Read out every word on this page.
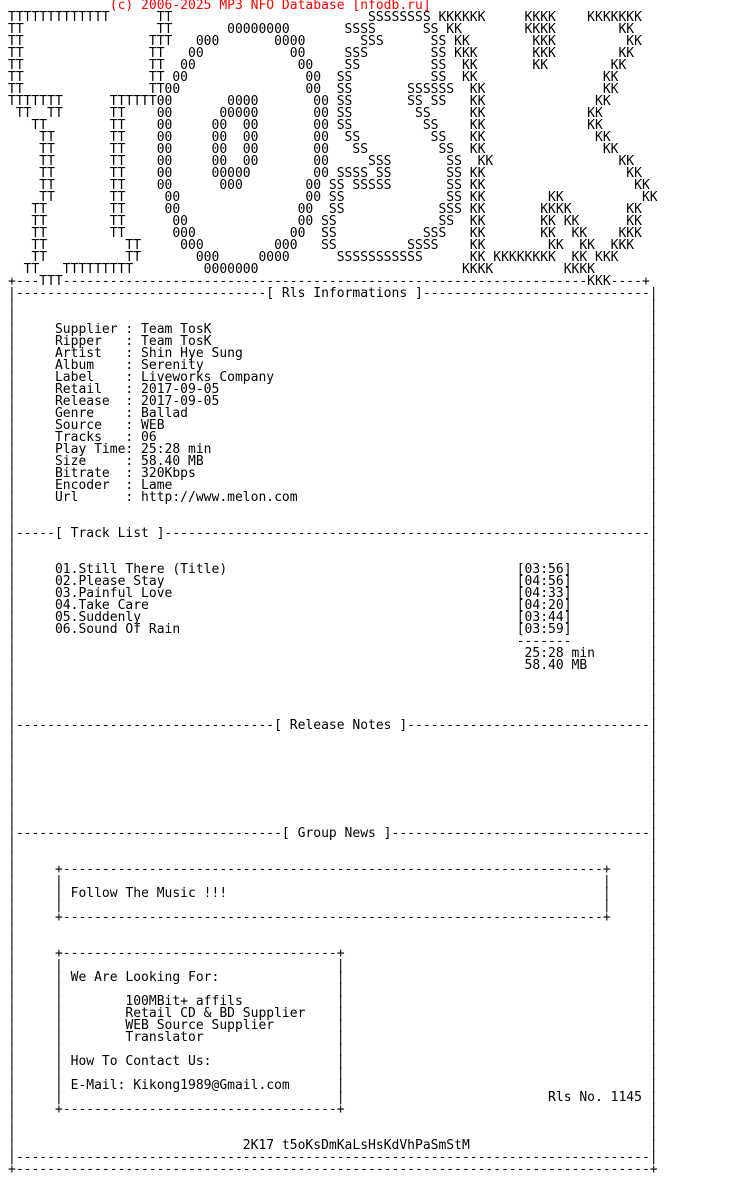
(c) 2006-2025 MP3 NFO Database [nfodb.ru]
TTTTTTTTTTTTT      TT                         SSSSSSSS KKKKKK     KKKK    KKKKKKK
TT                 TT       00000000       SSSS      SS KK        KKKK        KK
TT                TTT   000       0000       SSS      SS KK        KKK         KK
TT                TT   00           00     SSS        SS KKK       KKK        KK
TT                TT  00             00    SS         SS  KK       KK        KK
TT                TT 00               00  SS          SS  KK                KK
TT                TT00                00  SS       SSSSSS  KK               KK
TTTTTTT      TTTTTT00       0000       00 SS       SS SS   KK              KK
TT  TT      TT    00      00000       00 SS        SS     KK             KK
TT        TT    00     00  00       00 SS         SS    KK             KK
TT       TT    00     00  00       00  SS         SS   KK              KK
TT       TT    00     00  00       00   SS         SS  KK               KK
TT       TT    00     00  00       00     SSS       SS  KK                KK
TT       TT    00     00000        00 SSSS SS       SS KK                  KK
TT       TT    00      000        00 SS SSSSS       SS KK                   KK
TT       TT     00                00 SS             SS KK        KK          KK
TT        TT     00               00  SS            SSS KK       KKKK       KK
TT        TT      00              00 SS             SS  KK       KK KK      KK
TT        TT      000            00  SS           SSS   KK       KK  KK    KKK
TT          TT     000         000   SS         SSSS    KK        KK  KK  KKK
TT          TT       000     0000      SSSSSSSSSSS      KK KKKKKKKK  KK KKK
TT   TTTTTTTTT         0000000                          KKKK         KKKK
+---TTT-------------------------------------------------------------------KKK----+
|--------------------------------[ Rls Informations ]-----------------------------|
|                                                                                 |
|                                                                                 |
|     Supplier : Team TosK                                                        |
|     Ripper   : Team TosK                                                        |
|     Artist   : Shin Hye Sung                                                    |
|     Album    : Serenity                                                         |
|     Label    : Liveworks Company                                                |
|     Retail   : 2017-09-05                                                       |
|     Release  : 2017-09-05                                                       |
|     Genre    : Ballad                                                           |
|     Source   : WEB                                                              |
|     Tracks   : 06                                                               |
|     Play Time: 25:28 min                                                        |
|     Size     : 58.40 MB                                                         |
|     Bitrate  : 320Kbps                                                          |
|     Encoder  : Lame                                                             |
|     Url      : http://www.melon.com                                             |
|                                                                                 |
|                                                                                 |
|-----[ Track List ]--------------------------------------------------------------|
|                                                                                 |
|                                                                                 |
|     01.Still There (Title)                                     [03:56]          |
|     02.Please Stay                                             [04:56]          |
|     03.Painful Love                                            [04:33]          |
|     04.Take Care                                               [04:20]          |
|     05.Suddenly                                                [03:44]          |
|     06.Sound Of Rain                                           [03:59]          |
|                                                                -------          |
|                                                                 25:28 min       |
|                                                                 58.40 MB        |
|                                                                                 |
|                                                                                 |
|                                                                                 |
|                                                                                 |
|---------------------------------[ Release Notes ]-------------------------------|
|                                                                                 |
|                                                                                 |
|                                                                                 |
|                                                                                 |
|                                                                                 |
|                                                                                 |
|                                                                                 |
|                                                                                 |
|----------------------------------[ Group News ]---------------------------------|
|                                                                                 |
|                                                                                 |
|     +---------------------------------------------------------------------+     |
|     |                                                                     |     |
|     | Follow The Music !!!                                                |     |
|     |                                                                     |     |
|     +---------------------------------------------------------------------+     |
|                                                                                 |
|                                                                                 |
|     +-----------------------------------+                                       |
|     |                                   |                                       |
|     | We Are Looking For:               |                                       |
|     |                                   |                                       |
|     |        100MBit+ affils            |                                       |
|     |        Retail CD & BD Supplier    |                                       |
|     |        WEB Source Supplier        |                                       |
|     |        Translator                 |                                       |
|     |                                   |                                       |
|     | How To Contact Us:                |                                       |
|     |                                   |                                       |
|     | E-Mail: Kikong1989@Gmail.com      |                                       |
|     |                                   |                          Rls No. 1145 |
|     +-----------------------------------+                                       |
|                                                                                 |
|                                                                                 |
|                             2K17 t5oKsDmKaLsHsKdVhPaSmStM                       |
|---------------------------------------------------------------------------------|
+---------------------------------------------------------------------------------+
